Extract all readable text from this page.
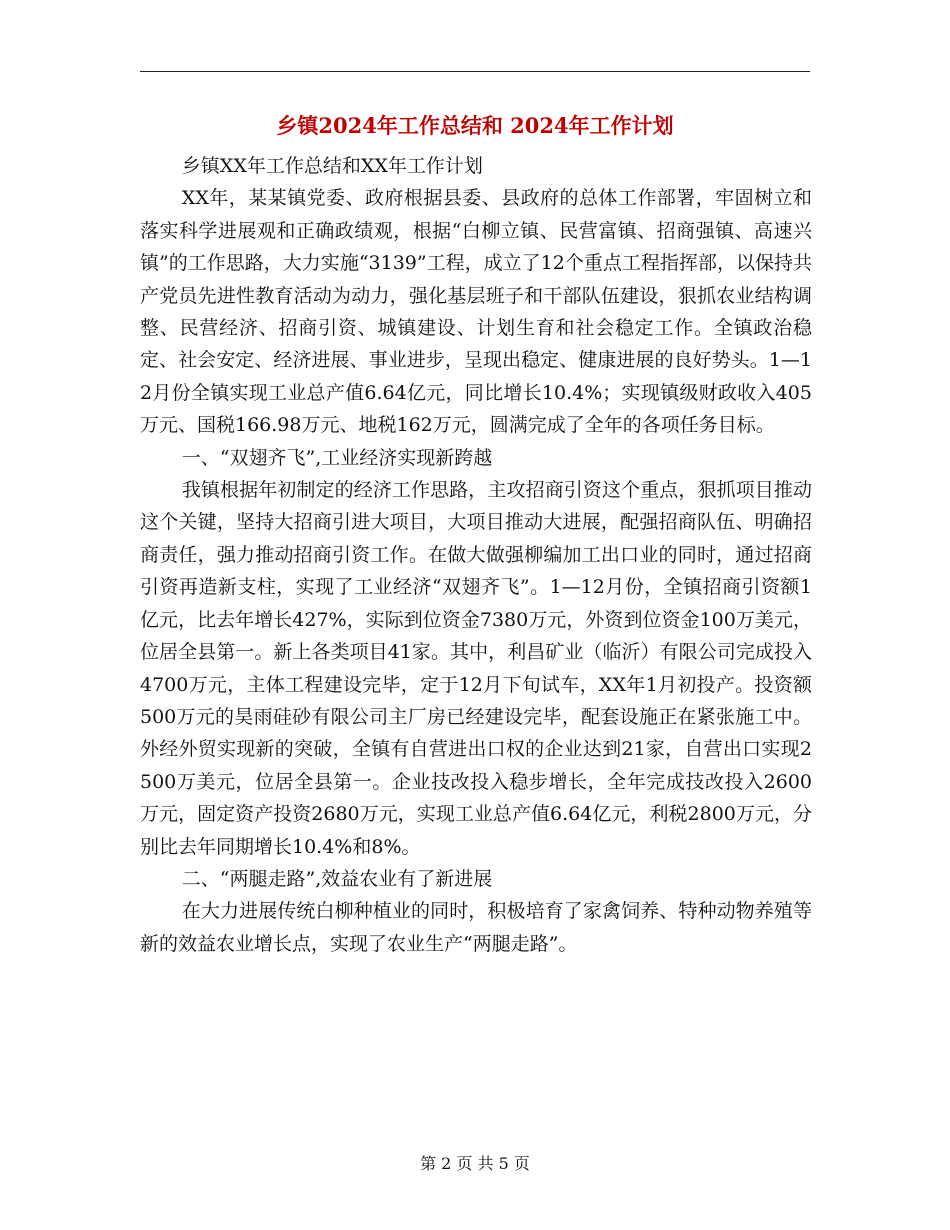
乡镇2024年工作总结和 2024年工作计划

乡镇XX年工作总结和XX年工作计划

XX年，某某镇党委、政府根据县委、县政府的总体工作部署，牢固树立和落实科学进展观和正确政绩观，根据“白柳立镇、民营富镇、招商强镇、高速兴镇”的工作思路，大力实施“3139”工程，成立了12个重点工程指挥部，以保持共产党员先进性教育活动为动力，强化基层班子和干部队伍建设，狠抓农业结构调整、民营经济、招商引资、城镇建设、计划生育和社会稳定工作。全镇政治稳定、社会安定、经济进展、事业进步，呈现出稳定、健康进展的良好势头。1—12月份全镇实现工业总产值6.64亿元，同比增长10.4%；实现镇级财政收入405万元、国税166.98万元、地税162万元，圆满完成了全年的各项任务目标。

一、“双翅齐飞”,工业经济实现新跨越

我镇根据年初制定的经济工作思路，主攻招商引资这个重点，狠抓项目推动这个关键，坚持大招商引进大项目，大项目推动大进展，配强招商队伍、明确招商责任，强力推动招商引资工作。在做大做强柳编加工出口业的同时，通过招商引资再造新支柱，实现了工业经济“双翅齐飞”。1—12月份，全镇招商引资额1亿元，比去年增长427%，实际到位资金7380万元，外资到位资金100万美元，位居全县第一。新上各类项目41家。其中，利昌矿业（临沂）有限公司完成投入4700万元，主体工程建设完毕，定于12月下旬试车，XX年1月初投产。投资额500万元的昊雨硅砂有限公司主厂房已经建设完毕，配套设施正在紧张施工中。外经外贸实现新的突破，全镇有自营进出口权的企业达到21家，自营出口实现2500万美元，位居全县第一。企业技改投入稳步增长，全年完成技改投入2600万元，固定资产投资2680万元，实现工业总产值6.64亿元，利税2800万元，分别比去年同期增长10.4%和8%。

二、“两腿走路”,效益农业有了新进展

在大力进展传统白柳种植业的同时，积极培育了家禽饲养、特种动物养殖等新的效益农业增长点，实现了农业生产“两腿走路”。

第 2 页 共 5 页
